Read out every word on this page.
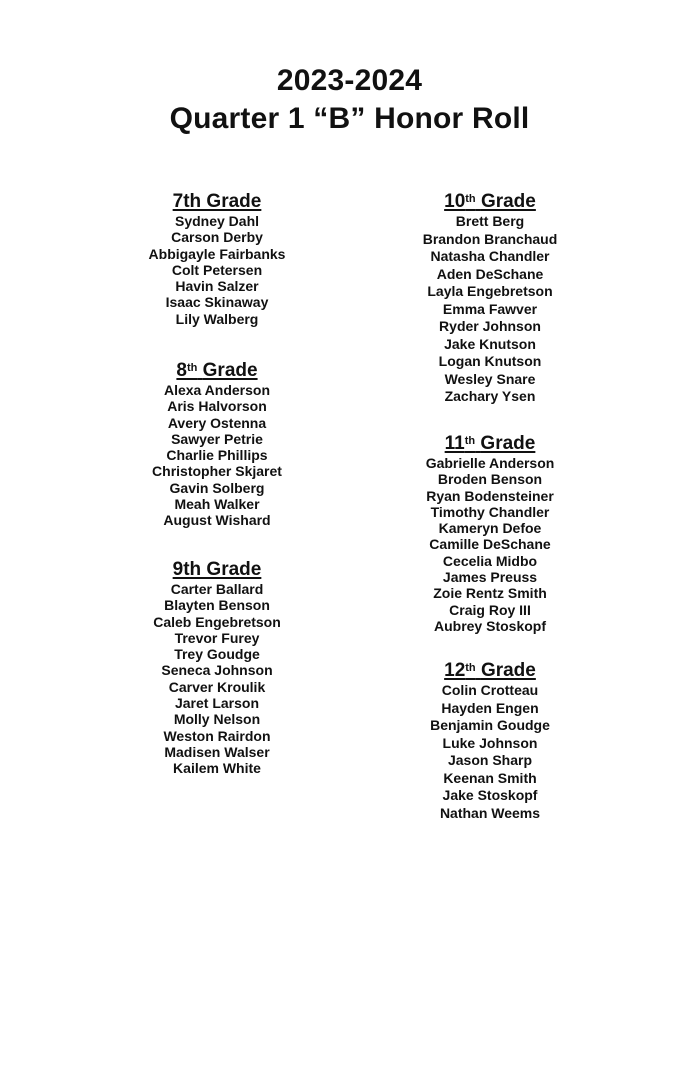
2023-2024
Quarter 1 “B” Honor Roll
7th Grade
Sydney Dahl
Carson Derby
Abbigayle Fairbanks
Colt Petersen
Havin Salzer
Isaac Skinaway
Lily Walberg
8th Grade
Alexa Anderson
Aris Halvorson
Avery Ostenna
Sawyer Petrie
Charlie Phillips
Christopher Skjaret
Gavin Solberg
Meah Walker
August Wishard
9th Grade
Carter Ballard
Blayten Benson
Caleb Engebretson
Trevor Furey
Trey Goudge
Seneca Johnson
Carver Kroulik
Jaret Larson
Molly Nelson
Weston Rairdon
Madisen Walser
Kailem White
10th Grade
Brett Berg
Brandon Branchaud
Natasha Chandler
Aden DeSchane
Layla Engebretson
Emma Fawver
Ryder Johnson
Jake Knutson
Logan Knutson
Wesley Snare
Zachary Ysen
11th Grade
Gabrielle Anderson
Broden Benson
Ryan Bodensteiner
Timothy Chandler
Kameryn Defoe
Camille DeSchane
Cecelia Midbo
James Preuss
Zoie Rentz Smith
Craig Roy III
Aubrey Stoskopf
12th Grade
Colin Crotteau
Hayden Engen
Benjamin Goudge
Luke Johnson
Jason Sharp
Keenan Smith
Jake Stoskopf
Nathan Weems
